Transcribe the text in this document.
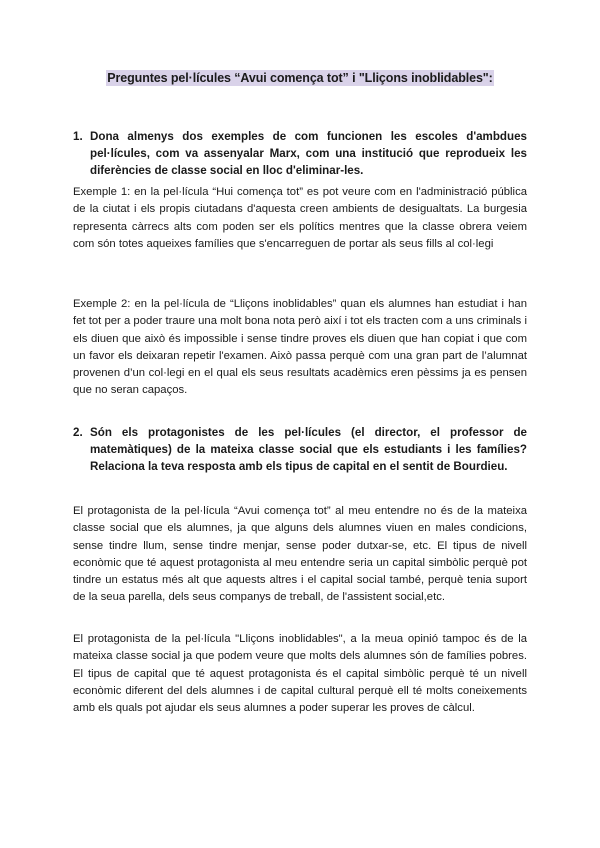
Preguntes pel·lícules “Avui comença tot” i "Lliçons inoblidables":
1. Dona almenys dos exemples de com funcionen les escoles d'ambdues pel·lícules, com va assenyalar Marx, com una institució que reprodueix les diferències de classe social en lloc d'eliminar-les.
Exemple 1: en la pel·lícula “Hui comença tot” es pot veure com en l'administració pública de la ciutat i els propis ciutadans d'aquesta creen ambients de desigualtats. La burgesia representa càrrecs alts com poden ser els polítics mentres que la classe obrera veiem com són totes aqueixes famílies que s'encarreguen de portar als seus fills al col·legi
Exemple 2: en la pel·lícula de “Lliçons inoblidables” quan els alumnes han estudiat i han fet tot per a poder traure una molt bona nota però així i tot els tracten com a uns criminals i els diuen que això és impossible i sense tindre proves els diuen que han copiat i que com un favor els deixaran repetir l'examen. Això passa perquè com una gran part de l’alumnat provenen d’un col·legi en el qual els seus resultats acadèmics eren pèssims ja es pensen que no seran capaços.
2. Són els protagonistes de les pel·lícules (el director, el professor de matemàtiques) de la mateixa classe social que els estudiants i les famílies? Relaciona la teva resposta amb els tipus de capital en el sentit de Bourdieu.
El protagonista de la pel·lícula “Avui comença tot” al meu entendre no és de la mateixa classe social que els alumnes, ja que alguns dels alumnes viuen en males condicions, sense tindre llum, sense tindre menjar, sense poder dutxar-se, etc. El tipus de nivell econòmic que té aquest protagonista al meu entendre seria un capital simbòlic perquè pot tindre un estatus més alt que aquests altres i el capital social també, perquè tenia suport de la seua parella, dels seus companys de treball, de l'assistent social,etc.
El protagonista de la pel·lícula "Lliçons inoblidables", a la meua opinió tampoc és de la mateixa classe social ja que podem veure que molts dels alumnes són de famílies pobres. El tipus de capital que té aquest protagonista és el capital simbòlic perquè té un nivell econòmic diferent del dels alumnes i de capital cultural perquè ell té molts coneixements amb els quals pot ajudar els seus alumnes a poder superar les proves de càlcul.
